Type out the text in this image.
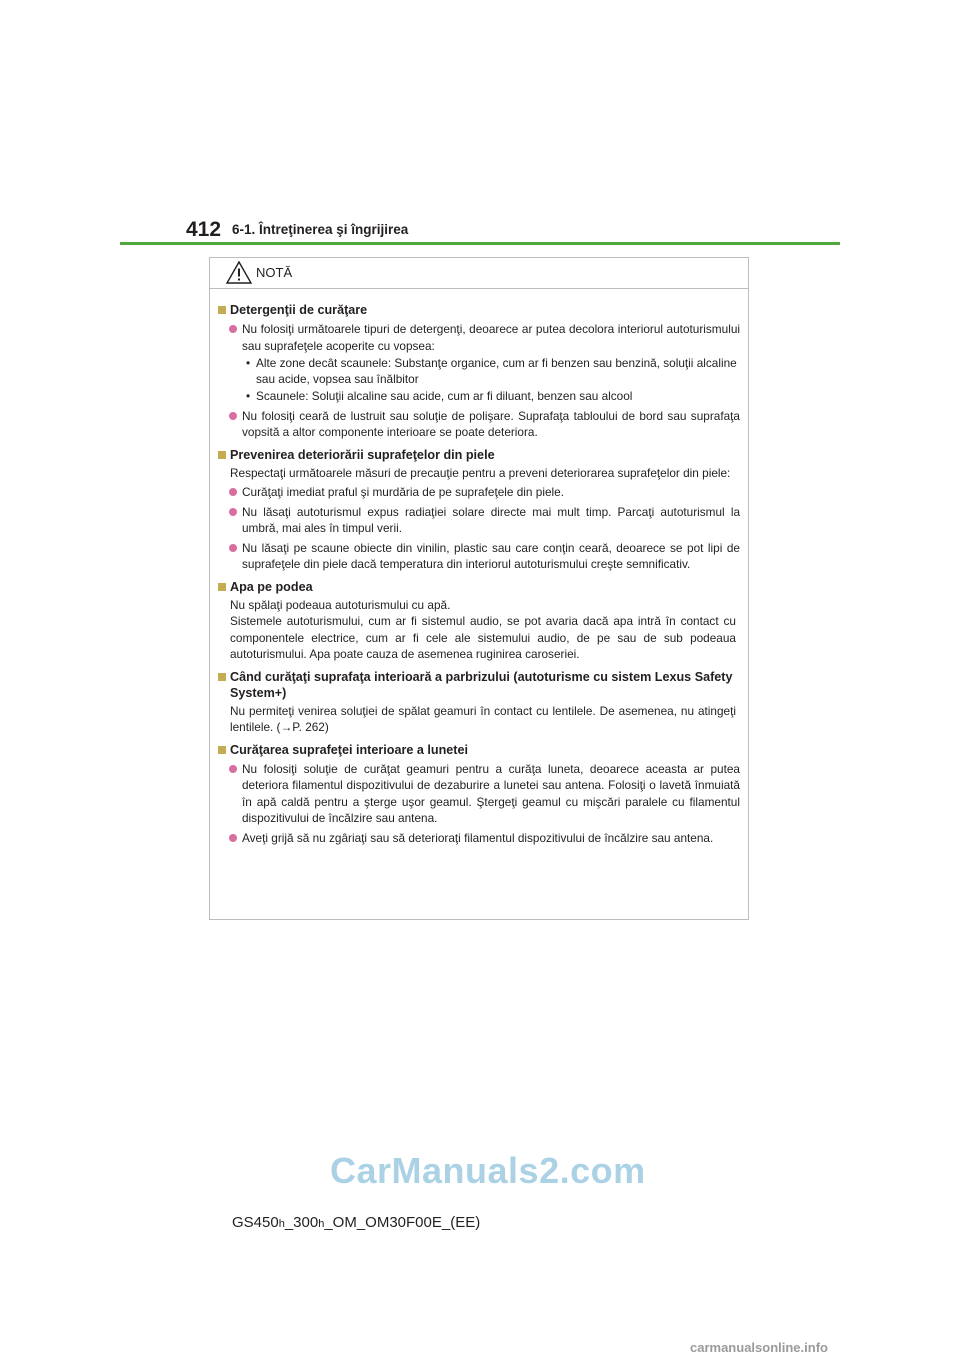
412 6-1. Întreţinerea şi îngrijirea
NOTĂ
Detergenţii de curăţare
Nu folosiţi următoarele tipuri de detergenţi, deoarece ar putea decolora interiorul autoturismului sau suprafeţele acoperite cu vopsea:
• Alte zone decât scaunele: Substanţe organice, cum ar fi benzen sau benzină, soluţii alcaline sau acide, vopsea sau înălbitor
• Scaunele: Soluţii alcaline sau acide, cum ar fi diluant, benzen sau alcool
Nu folosiţi ceară de lustruit sau soluţie de polişare. Suprafaţa tabloului de bord sau suprafaţa vopsită a altor componente interioare se poate deteriora.
Prevenirea deteriorării suprafeţelor din piele

Respectaţi următoarele măsuri de precauţie pentru a preveni deteriorarea suprafeţelor din piele:

Curăţaţi imediat praful şi murdăria de pe suprafeţele din piele.
Nu lăsaţi autoturismul expus radiaţiei solare directe mai mult timp. Parcaţi autoturismul la umbră, mai ales în timpul verii.
Nu lăsaţi pe scaune obiecte din vinilin, plastic sau care conţin ceară, deoarece se pot lipi de suprafeţele din piele dacă temperatura din interiorul autoturismului creşte semnificativ.
Apa pe podea

Nu spălaţi podeaua autoturismului cu apă.

Sistemele autoturismului, cum ar fi sistemul audio, se pot avaria dacă apa intră în contact cu componentele electrice, cum ar fi cele ale sistemului audio, de pe sau de sub podeaua autoturismului. Apa poate cauza de asemenea ruginirea caroseriei.

Când curăţaţi suprafaţa interioară a parbrizului (autoturisme cu sistem Lexus Safety System+)

Nu permiteţi venirea soluţiei de spălat geamuri în contact cu lentilele. De asemenea, nu atingeţi lentilele. (→P. 262)

Curăţarea suprafeţei interioare a lunetei
Nu folosiţi soluţie de curăţat geamuri pentru a curăţa luneta, deoarece aceasta ar putea deteriora filamentul dispozitivului de dezaburire a lunetei sau antena. Folosiţi o lavetă înmuiată în apă caldă pentru a şterge uşor geamul. Ştergeţi geamul cu mişcări paralele cu filamentul dispozitivului de încălzire sau antena.
Aveţi grijă să nu zgâriaţi sau să deterioraţi filamentul dispozitivului de încălzire sau antena.
CarManuals2.com
GS450h_300h_OM_OM30F00E_(EE)
carmanualsonline.info
